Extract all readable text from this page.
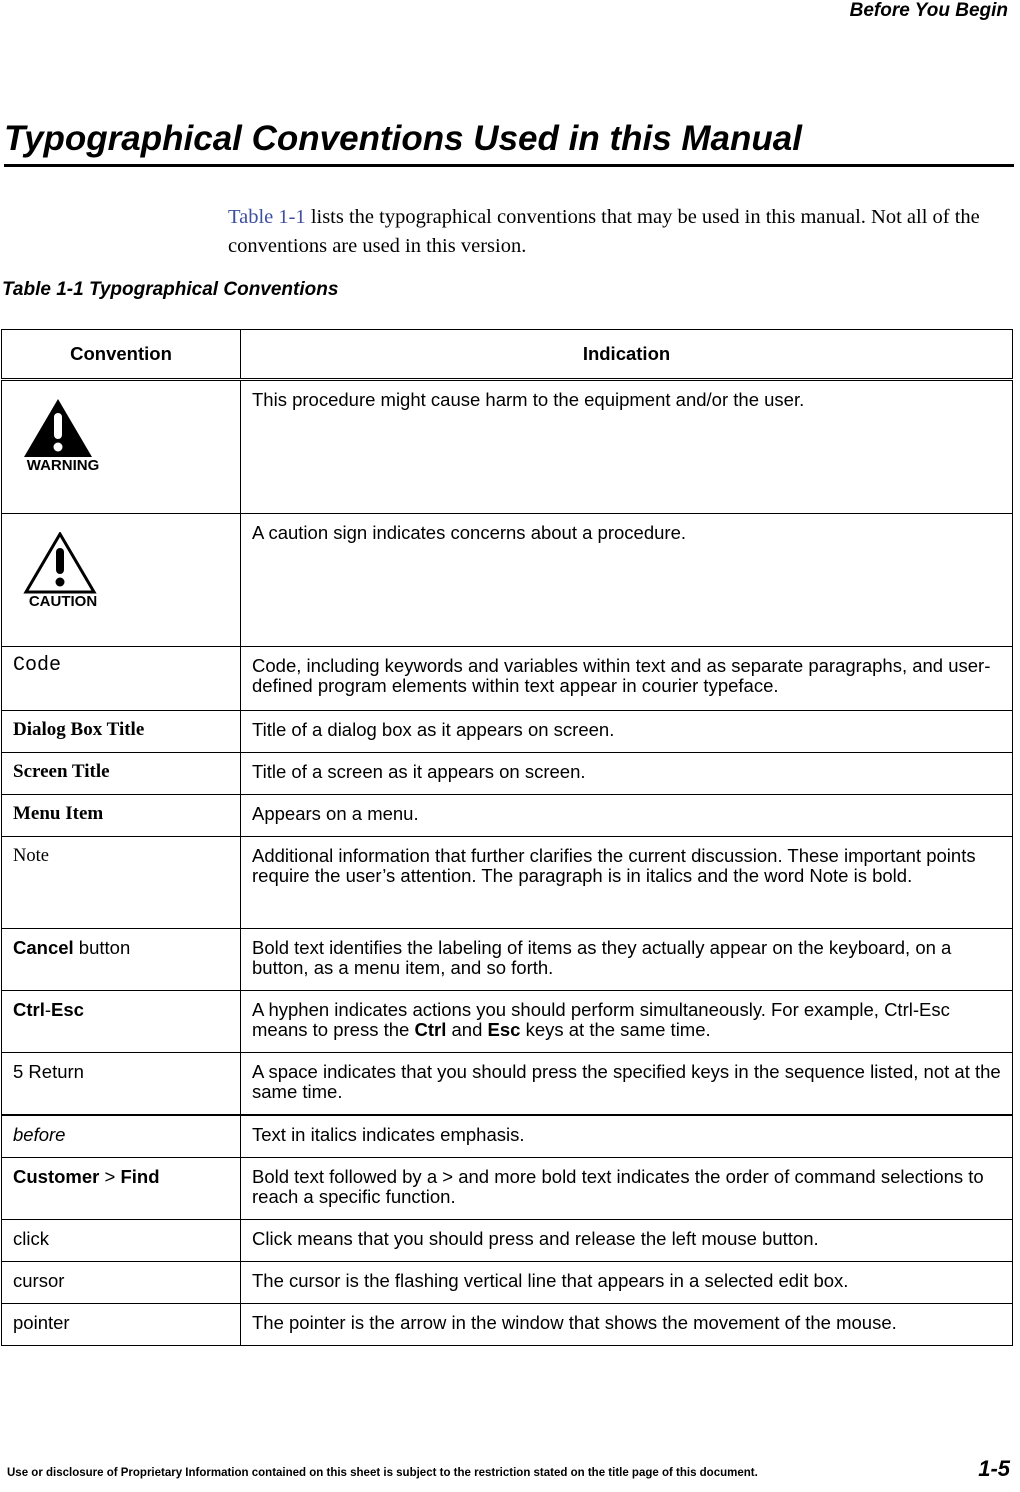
Before You Begin
Typographical Conventions Used in this Manual

Table 1-1 lists the typographical conventions that may be used in this manual. Not all of the conventions are used in this version.

Table 1-1 Typographical Conventions

Convention	Indication

WARNING	This procedure might cause harm to the equipment and/or the user.

CAUTION	A caution sign indicates concerns about a procedure.
Code	Code, including keywords and variables within text and as separate paragraphs, and user-defined program elements within text appear in courier typeface.
Dialog Box Title	Title of a dialog box as it appears on screen.
Screen Title	Title of a screen as it appears on screen.
Menu Item	Appears on a menu.
Note	Additional information that further clarifies the current discussion. These important points require the user’s attention. The paragraph is in italics and the word Note is bold.
Cancel button	Bold text identifies the labeling of items as they actually appear on the keyboard, on a button, as a menu item, and so forth.
Ctrl-Esc	A hyphen indicates actions you should perform simultaneously. For example, Ctrl-Esc means to press the Ctrl and Esc keys at the same time.
5 Return	A space indicates that you should press the specified keys in the sequence listed, not at the same time.
before	Text in italics indicates emphasis.
Customer > Find	Bold text followed by a > and more bold text indicates the order of command selections to reach a specific function.
click	Click means that you should press and release the left mouse button.
cursor	The cursor is the flashing vertical line that appears in a selected edit box.
pointer	The pointer is the arrow in the window that shows the movement of the mouse.
Use or disclosure of Proprietary Information contained on this sheet is subject to the restriction stated on the title page of this document.	1-5
